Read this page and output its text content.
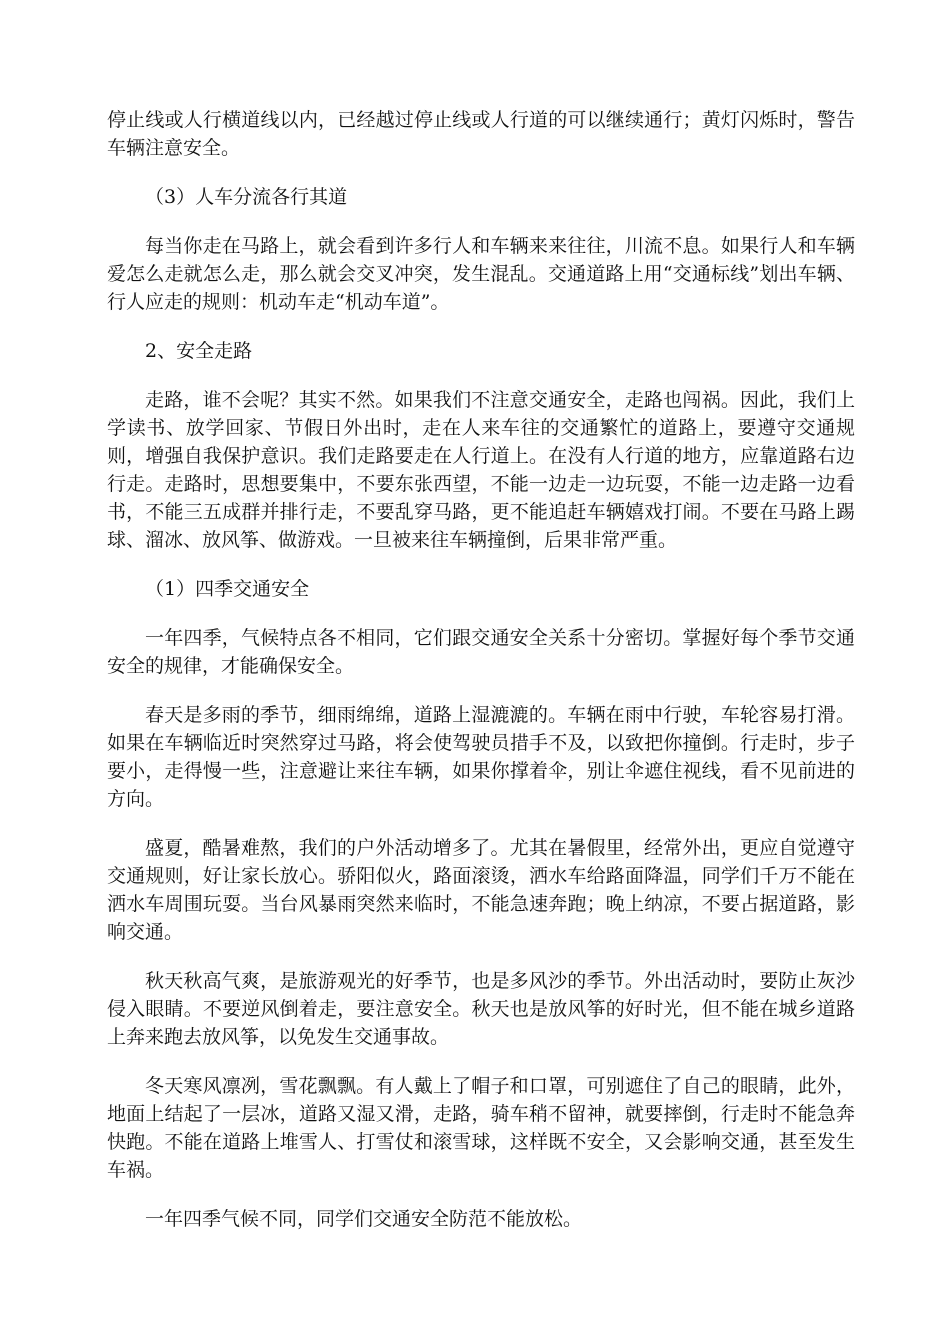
停止线或人行横道线以内，已经越过停止线或人行道的可以继续通行；黄灯闪烁时，警告车辆注意安全。

（3）人车分流各行其道

每当你走在马路上，就会看到许多行人和车辆来来往往，川流不息。如果行人和车辆爱怎么走就怎么走，那么就会交叉冲突，发生混乱。交通道路上用“交通标线”划出车辆、行人应走的规则：机动车走“机动车道”。

2、安全走路

走路，谁不会呢？其实不然。如果我们不注意交通安全，走路也闯祸。因此，我们上学读书、放学回家、节假日外出时，走在人来车往的交通繁忙的道路上，要遵守交通规则，增强自我保护意识。我们走路要走在人行道上。在没有人行道的地方，应靠道路右边行走。走路时，思想要集中，不要东张西望，不能一边走一边玩耍，不能一边走路一边看书，不能三五成群并排行走，不要乱穿马路，更不能追赶车辆嬉戏打闹。不要在马路上踢球、溜冰、放风筝、做游戏。一旦被来往车辆撞倒，后果非常严重。

（1）四季交通安全

一年四季，气候特点各不相同，它们跟交通安全关系十分密切。掌握好每个季节交通安全的规律，才能确保安全。

春天是多雨的季节，细雨绵绵，道路上湿漉漉的。车辆在雨中行驶，车轮容易打滑。如果在车辆临近时突然穿过马路，将会使驾驶员措手不及，以致把你撞倒。行走时，步子要小，走得慢一些，注意避让来往车辆，如果你撑着伞，别让伞遮住视线，看不见前进的方向。

盛夏，酷暑难熬，我们的户外活动增多了。尤其在暑假里，经常外出，更应自觉遵守交通规则，好让家长放心。骄阳似火，路面滚烫，洒水车给路面降温，同学们千万不能在洒水车周围玩耍。当台风暴雨突然来临时，不能急速奔跑；晚上纳凉，不要占据道路，影响交通。

秋天秋高气爽，是旅游观光的好季节，也是多风沙的季节。外出活动时，要防止灰沙侵入眼睛。不要逆风倒着走，要注意安全。秋天也是放风筝的好时光，但不能在城乡道路上奔来跑去放风筝，以免发生交通事故。

冬天寒风凛冽，雪花飘飘。有人戴上了帽子和口罩，可别遮住了自己的眼睛，此外，地面上结起了一层冰，道路又湿又滑，走路，骑车稍不留神，就要摔倒，行走时不能急奔快跑。不能在道路上堆雪人、打雪仗和滚雪球，这样既不安全，又会影响交通，甚至发生车祸。

一年四季气候不同，同学们交通安全防范不能放松。
